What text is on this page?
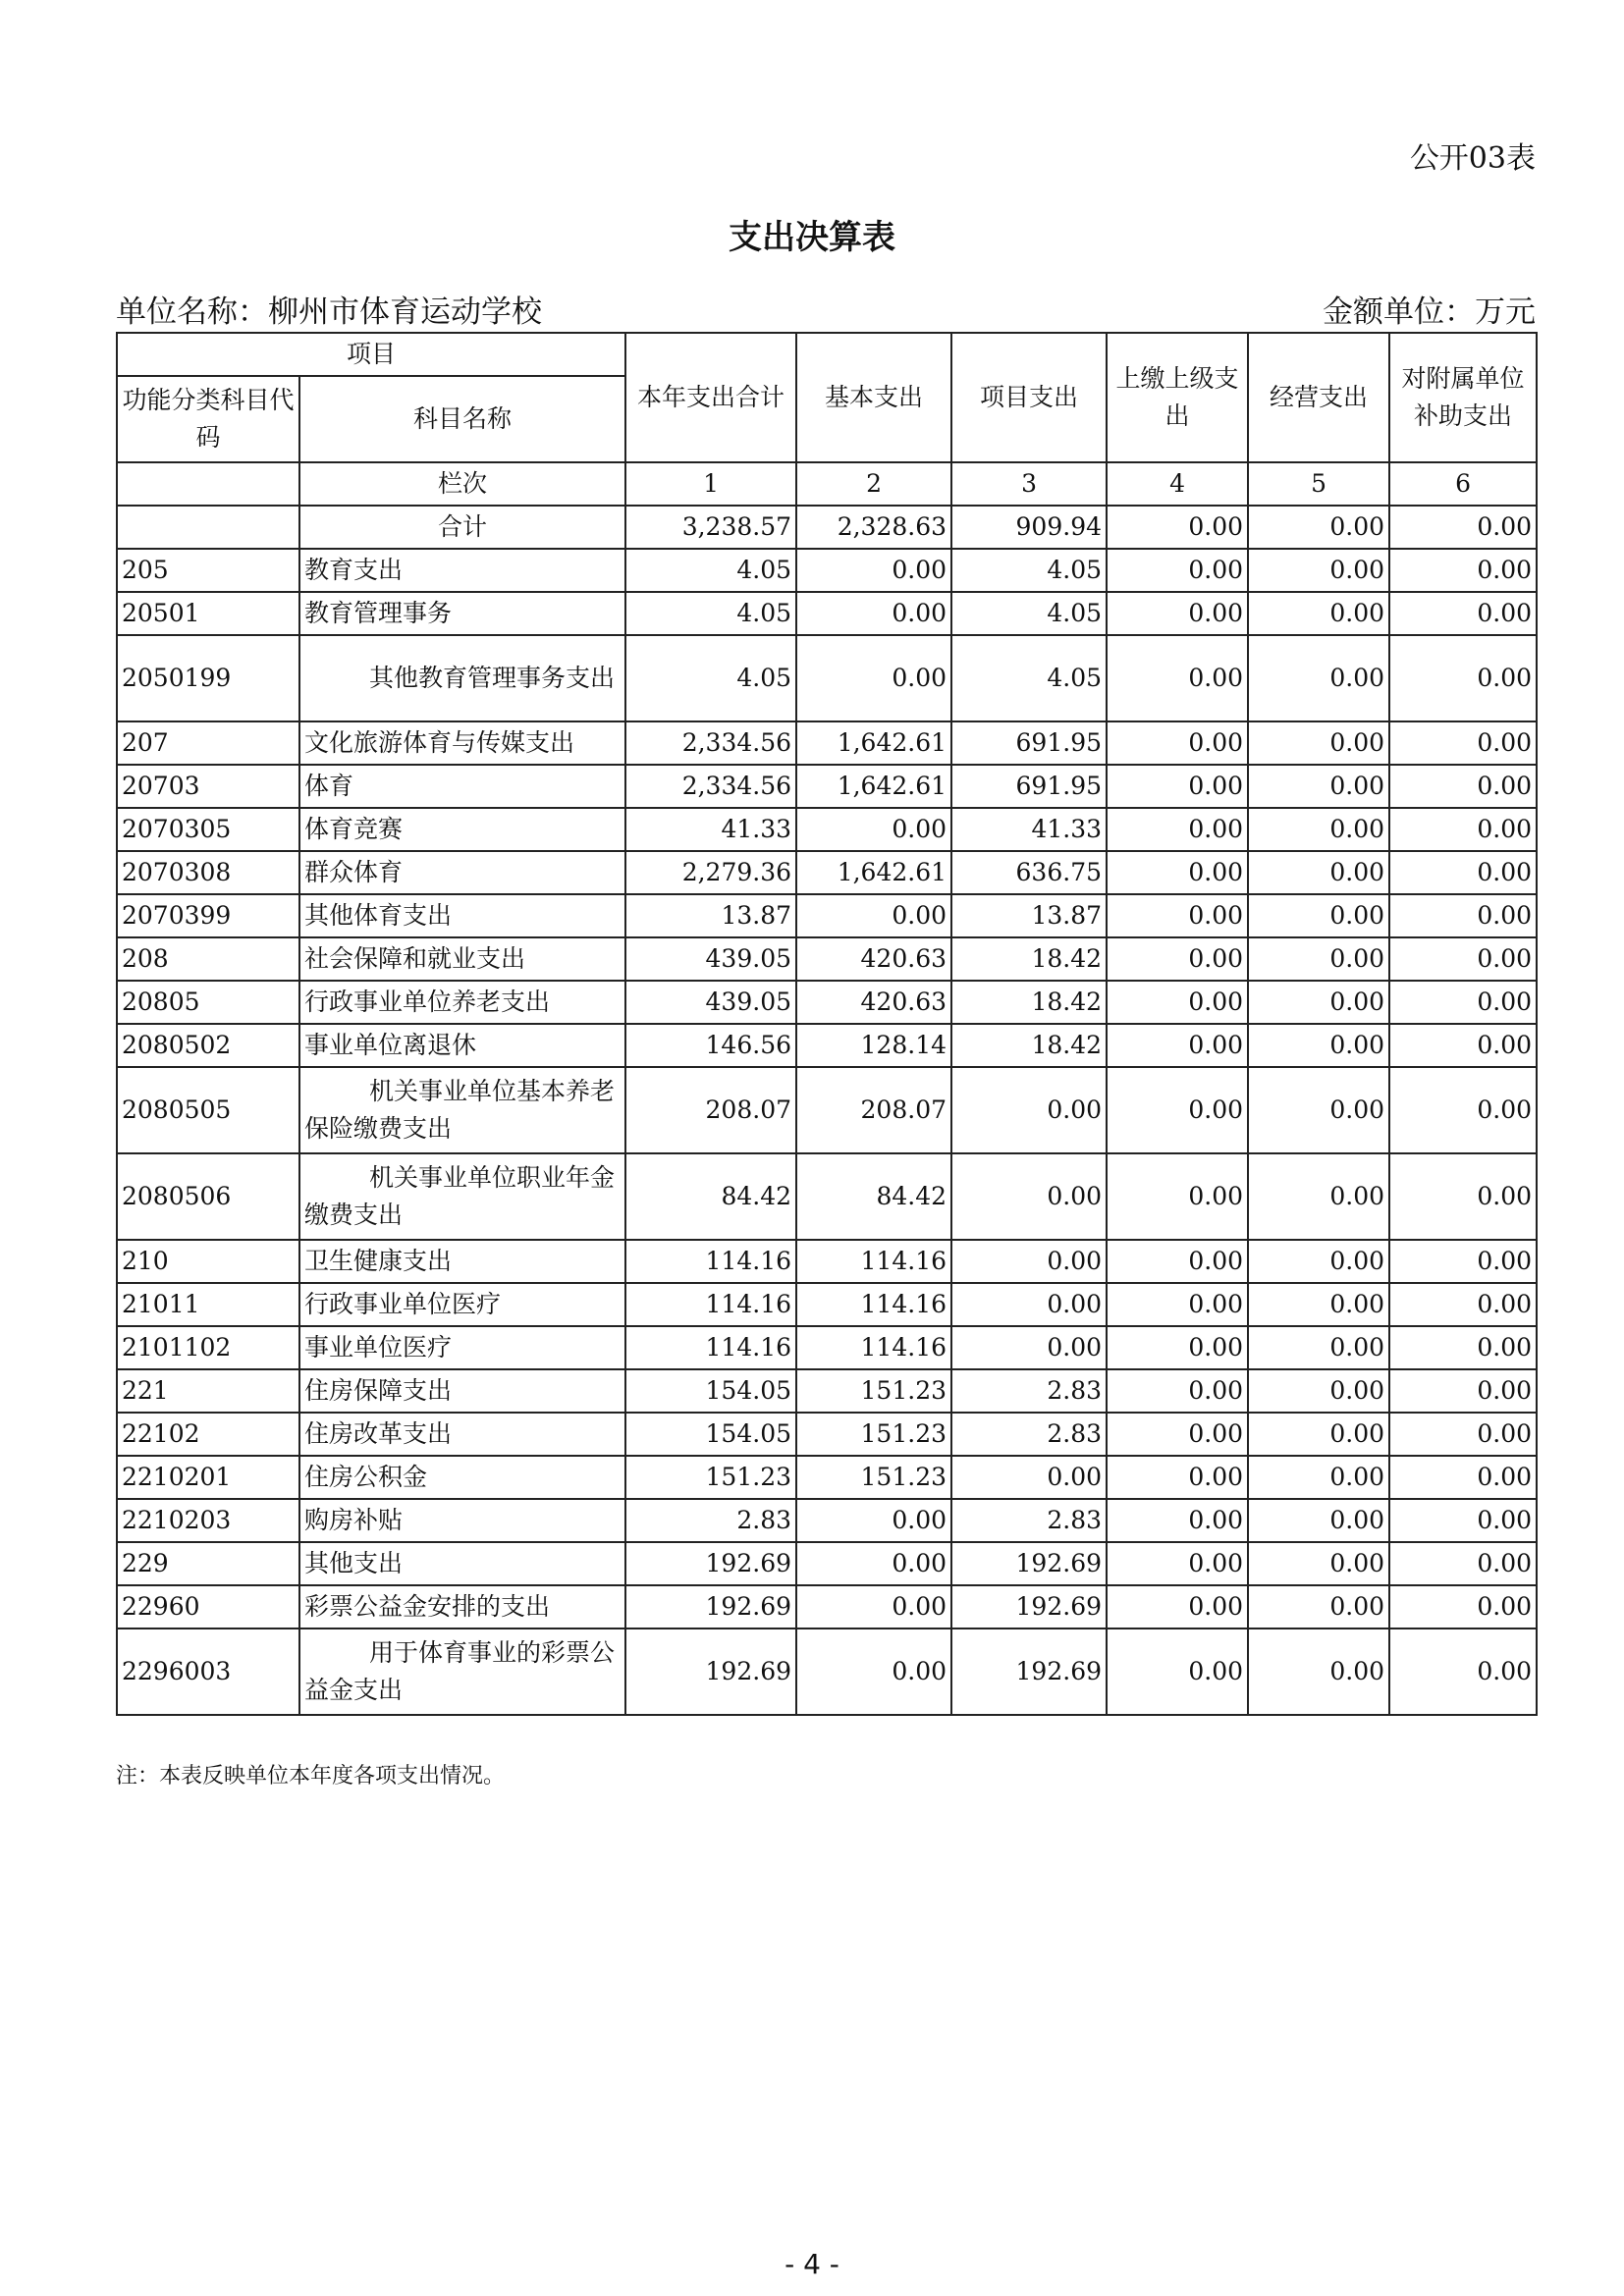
公开03表
支出决算表
单位名称：柳州市体育运动学校	金额单位：万元
项目		本年支出合计	基本支出	项目支出	上缴上级支出	经营支出	对附属单位补助支出
功能分类科目代码	科目名称						
	栏次	1	2	3	4	5	6
	合计	3,238.57	2,328.63	909.94	0.00	0.00	0.00
205	教育支出	4.05	0.00	4.05	0.00	0.00	0.00
20501	教育管理事务	4.05	0.00	4.05	0.00	0.00	0.00
2050199	其他教育管理事务支出	4.05	0.00	4.05	0.00	0.00	0.00
207	文化旅游体育与传媒支出	2,334.56	1,642.61	691.95	0.00	0.00	0.00
20703	体育	2,334.56	1,642.61	691.95	0.00	0.00	0.00
2070305	体育竞赛	41.33	0.00	41.33	0.00	0.00	0.00
2070308	群众体育	2,279.36	1,642.61	636.75	0.00	0.00	0.00
2070399	其他体育支出	13.87	0.00	13.87	0.00	0.00	0.00
208	社会保障和就业支出	439.05	420.63	18.42	0.00	0.00	0.00
20805	行政事业单位养老支出	439.05	420.63	18.42	0.00	0.00	0.00
2080502	事业单位离退休	146.56	128.14	18.42	0.00	0.00	0.00
2080505	机关事业单位基本养老保险缴费支出	208.07	208.07	0.00	0.00	0.00	0.00
2080506	机关事业单位职业年金缴费支出	84.42	84.42	0.00	0.00	0.00	0.00
210	卫生健康支出	114.16	114.16	0.00	0.00	0.00	0.00
21011	行政事业单位医疗	114.16	114.16	0.00	0.00	0.00	0.00
2101102	事业单位医疗	114.16	114.16	0.00	0.00	0.00	0.00
221	住房保障支出	154.05	151.23	2.83	0.00	0.00	0.00
22102	住房改革支出	154.05	151.23	2.83	0.00	0.00	0.00
2210201	住房公积金	151.23	151.23	0.00	0.00	0.00	0.00
2210203	购房补贴	2.83	0.00	2.83	0.00	0.00	0.00
229	其他支出	192.69	0.00	192.69	0.00	0.00	0.00
22960	彩票公益金安排的支出	192.69	0.00	192.69	0.00	0.00	0.00
2296003	用于体育事业的彩票公益金支出	192.69	0.00	192.69	0.00	0.00	0.00
注：本表反映单位本年度各项支出情况。
- 4 -
